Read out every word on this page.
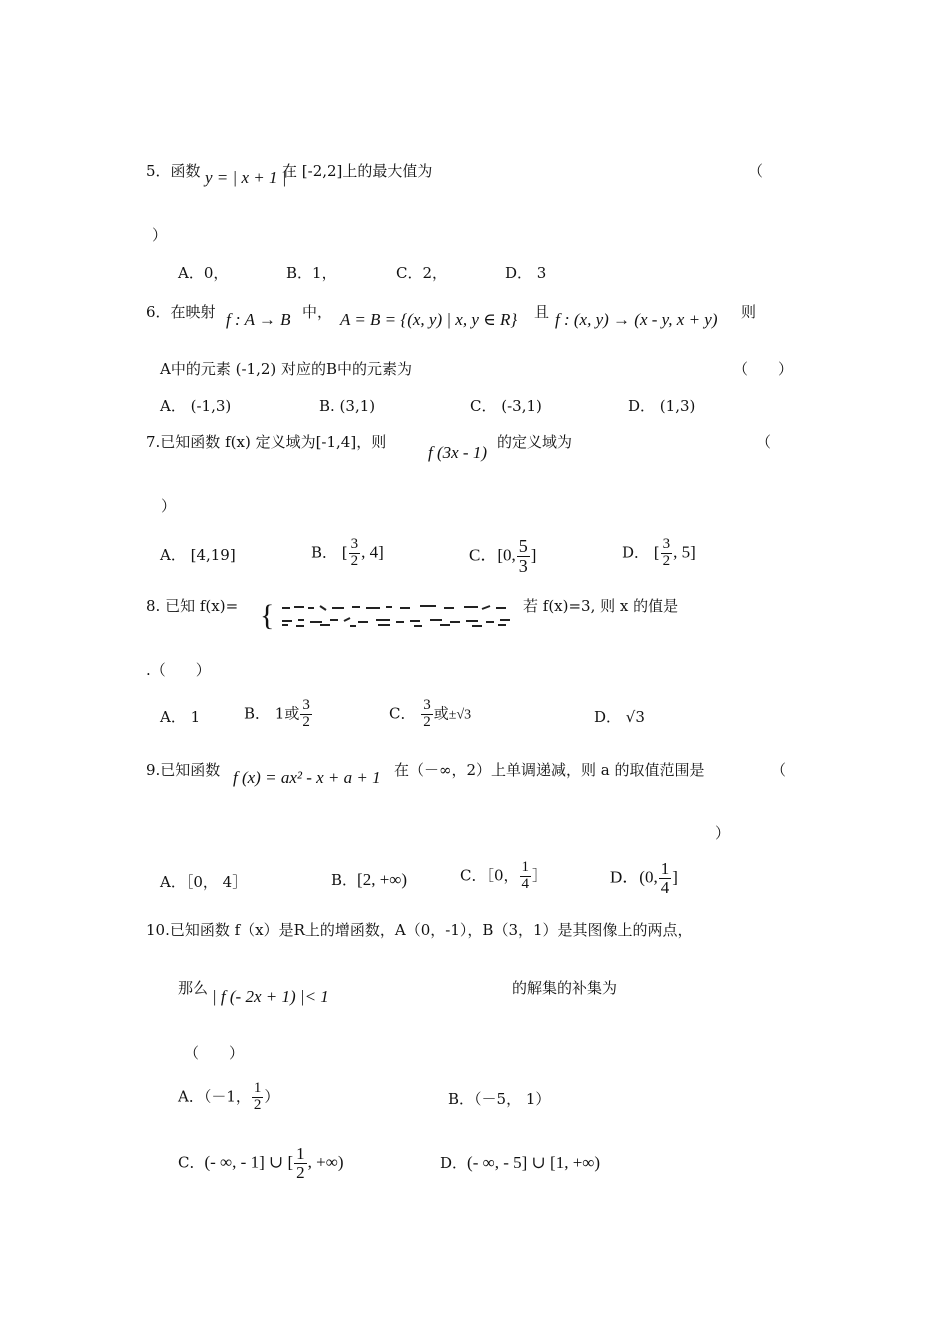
5．函数 y = | x + 1 |
在 [-2,2]上的最大值为	（
）
A．0，	B．1，	C．2，	D． 3
6．在映射 f : A → B 中， A = B = {(x, y) | x, y ∈ R} 且 f : (x, y) → (x - y, x + y) 则
A中的元素 (-1,2) 对应的B中的元素为	（　　）
A． (-1,3)	B. (3,1)	C． (-3,1)	D． (1,3)
7.已知函数 f(x) 定义域为[-1,4]，则
f (3x - 1)
的定义域为	（
）
A． [4,19]	B． [ $\frac{3}{2}$ , 4]	C．[0, $\frac{5}{3}$ ]	D． [ $\frac{3}{2}$ , 5]
8. 已知 f(x)= {	若 f(x)=3, 则 x 的值是
.（　　）
A． 1	B． 1或 $\frac{3}{2}$	C． $\frac{3}{2}$ 或±√3	D． √3
9.已知函数 f (x) = ax² - x + a + 1 在（－∞，2）上单调递减，则 a 的取值范围是	（
）
A．［0， 4］	B．[2, +∞)	C．［0， $\frac{1}{4}$ ］	D．(0, $\frac{1}{4}$ ]
10.已知函数 f（x）是R上的增函数，A（0，-1），B（3，1）是其图像上的两点，
那么 | f (- 2x + 1) |< 1	的解集的补集为
（　　）
A．（－1， $\frac{1}{2}$ ）	B．（－5， 1）
C．(- ∞, - 1] ∪ [ $\frac{1}{2}$ , +∞)	D．(- ∞, - 5] ∪ [1, +∞)
